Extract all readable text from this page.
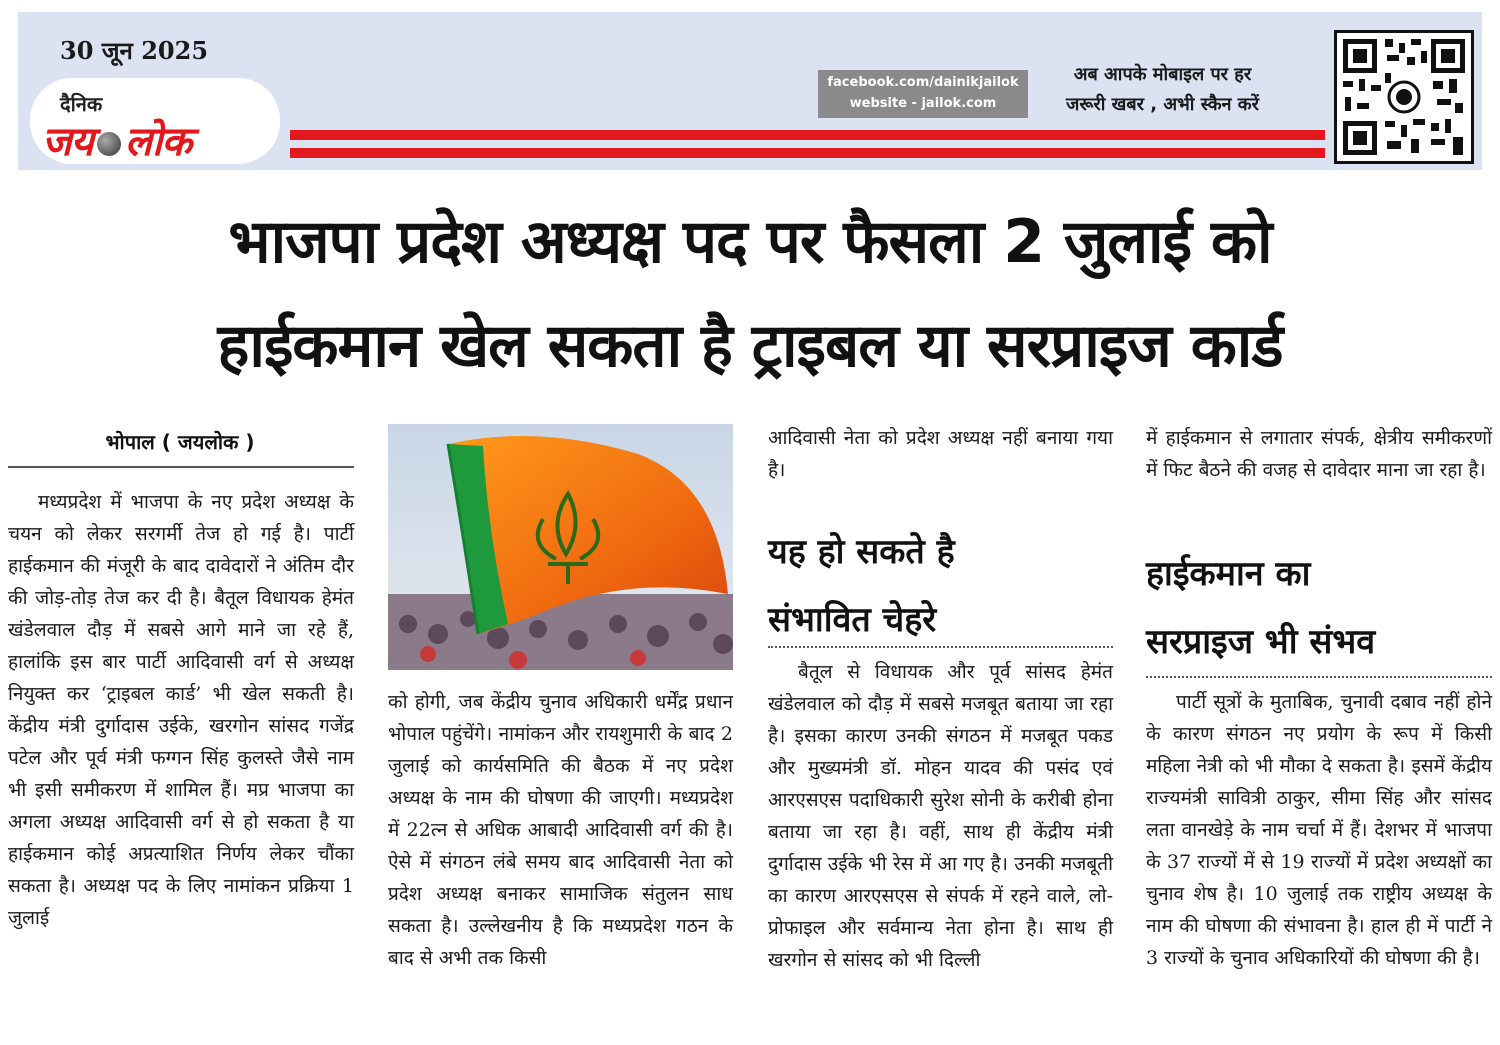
30 जून 2025
दैनिक
जय लोक
facebook.com/dainikjailok
website - jailok.com
अब आपके मोबाइल पर हर
जरूरी खबर , अभी स्कैन करें
भाजपा प्रदेश अध्यक्ष पद पर फैसला 2 जुलाई को
हाईकमान खेल सकता है ट्राइबल या सरप्राइज कार्ड
भोपाल ( जयलोक )

मध्यप्रदेश में भाजपा के नए प्रदेश अध्यक्ष के चयन को लेकर सरगर्मी तेज हो गई है। पार्टी हाईकमान की मंजूरी के बाद दावेदारों ने अंतिम दौर की जोड़-तोड़ तेज कर दी है। बैतूल विधायक हेमंत खंडेलवाल दौड़ में सबसे आगे माने जा रहे हैं, हालांकि इस बार पार्टी आदिवासी वर्ग से अध्यक्ष नियुक्त कर ‘ट्राइबल कार्ड’ भी खेल सकती है। केंद्रीय मंत्री दुर्गादास उईके, खरगोन सांसद गजेंद्र पटेल और पूर्व मंत्री फग्गन सिंह कुलस्ते जैसे नाम भी इसी समीकरण में शामिल हैं। मप्र भाजपा का अगला अध्यक्ष आदिवासी वर्ग से हो सकता है या हाईकमान कोई अप्रत्याशित निर्णय लेकर चौंका सकता है। अध्यक्ष पद के लिए नामांकन प्रक्रिया 1 जुलाई

को होगी, जब केंद्रीय चुनाव अधिकारी धर्मेंद्र प्रधान भोपाल पहुंचेंगे। नामांकन और रायशुमारी के बाद 2 जुलाई को कार्यसमिति की बैठक में नए प्रदेश अध्यक्ष के नाम की घोषणा की जाएगी। मध्यप्रदेश में 22त्न से अधिक आबादी आदिवासी वर्ग की है। ऐसे में संगठन लंबे समय बाद आदिवासी नेता को प्रदेश अध्यक्ष बनाकर सामाजिक संतुलन साध सकता है। उल्लेखनीय है कि मध्यप्रदेश गठन के बाद से अभी तक किसी

आदिवासी नेता को प्रदेश अध्यक्ष नहीं बनाया गया है।

यह हो सकते है
संभावित चेहरे

बैतूल से विधायक और पूर्व सांसद हेमंत खंडेलवाल को दौड़ में सबसे मजबूत बताया जा रहा है। इसका कारण उनकी संगठन में मजबूत पकड और मुख्यमंत्री डॉ. मोहन यादव की पसंद एवं आरएसएस पदाधिकारी सुरेश सोनी के करीबी होना बताया जा रहा है। वहीं, साथ ही केंद्रीय मंत्री दुर्गादास उईके भी रेस में आ गए है। उनकी मजबूती का कारण आरएसएस से संपर्क में रहने वाले, लो-प्रोफाइल और सर्वमान्य नेता होना है। साथ ही खरगोन से सांसद को भी दिल्ली

में हाईकमान से लगातार संपर्क, क्षेत्रीय समीकरणों में फिट बैठने की वजह से दावेदार माना जा रहा है।

हाईकमान का
सरप्राइज भी संभव

पार्टी सूत्रों के मुताबिक, चुनावी दबाव नहीं होने के कारण संगठन नए प्रयोग के रूप में किसी महिला नेत्री को भी मौका दे सकता है। इसमें केंद्रीय राज्यमंत्री सावित्री ठाकुर, सीमा सिंह और सांसद लता वानखेड़े के नाम चर्चा में हैं। देशभर में भाजपा के 37 राज्यों में से 19 राज्यों में प्रदेश अध्यक्षों का चुनाव शेष है। 10 जुलाई तक राष्ट्रीय अध्यक्ष के नाम की घोषणा की संभावना है। हाल ही में पार्टी ने 3 राज्यों के चुनाव अधिकारियों की घोषणा की है।
